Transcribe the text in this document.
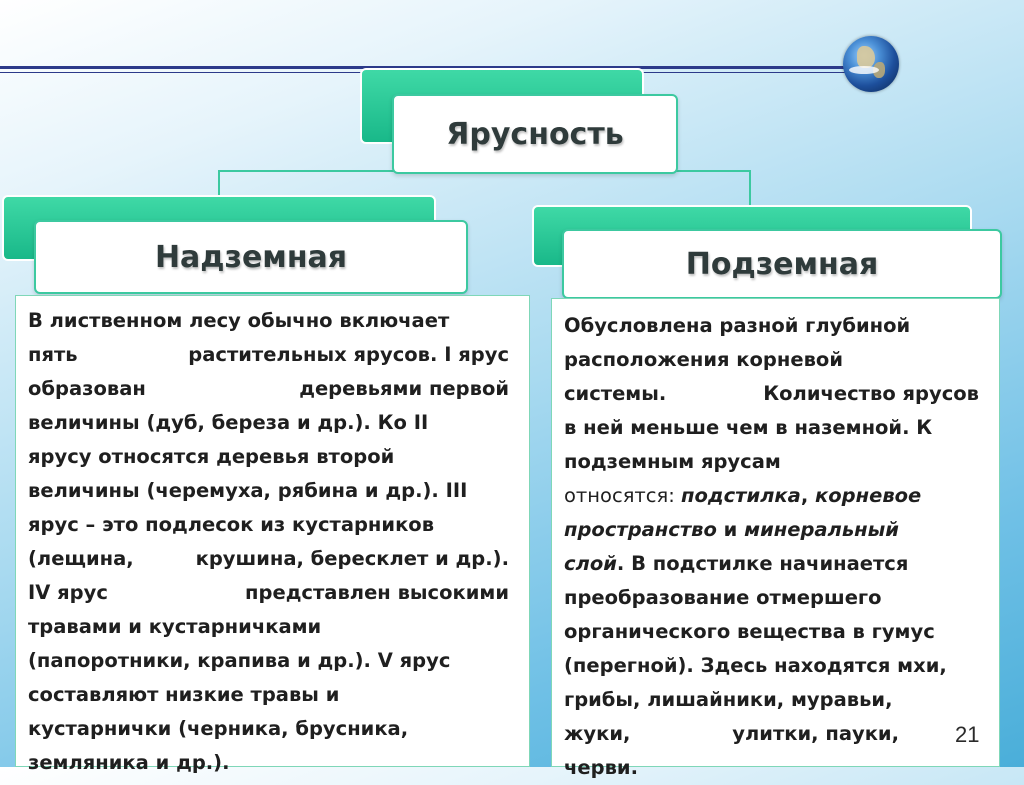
Ярусность
Надземная	Подземная

В лиственном лесу обычно включает

пять	растительных ярусов. I ярус

образован	деревьями первой

величины (дуб, береза и др.). Ко II

ярусу относятся деревья второй

величины (черемуха, рябина и др.). III

ярус – это подлесок из кустарников

(лещина,	крушина, бересклет и др.).

IV ярус	представлен высокими

травами и кустарничками

(папоротники, крапива и др.). V ярус

составляют низкие травы и

кустарнички (черника, брусника,

земляника и др.).

Обусловлена разной глубиной

расположения корневой

системы.	Количество ярусов

в ней меньше чем в наземной. К

подземным ярусам

относятся: подстилка, корневое

пространство и минеральный

слой. В подстилке начинается

преобразование отмершего

органического вещества в гумус

(перегной). Здесь находятся мхи,

грибы, лишайники, муравьи,

жуки,	улитки, пауки,

черви.

21
